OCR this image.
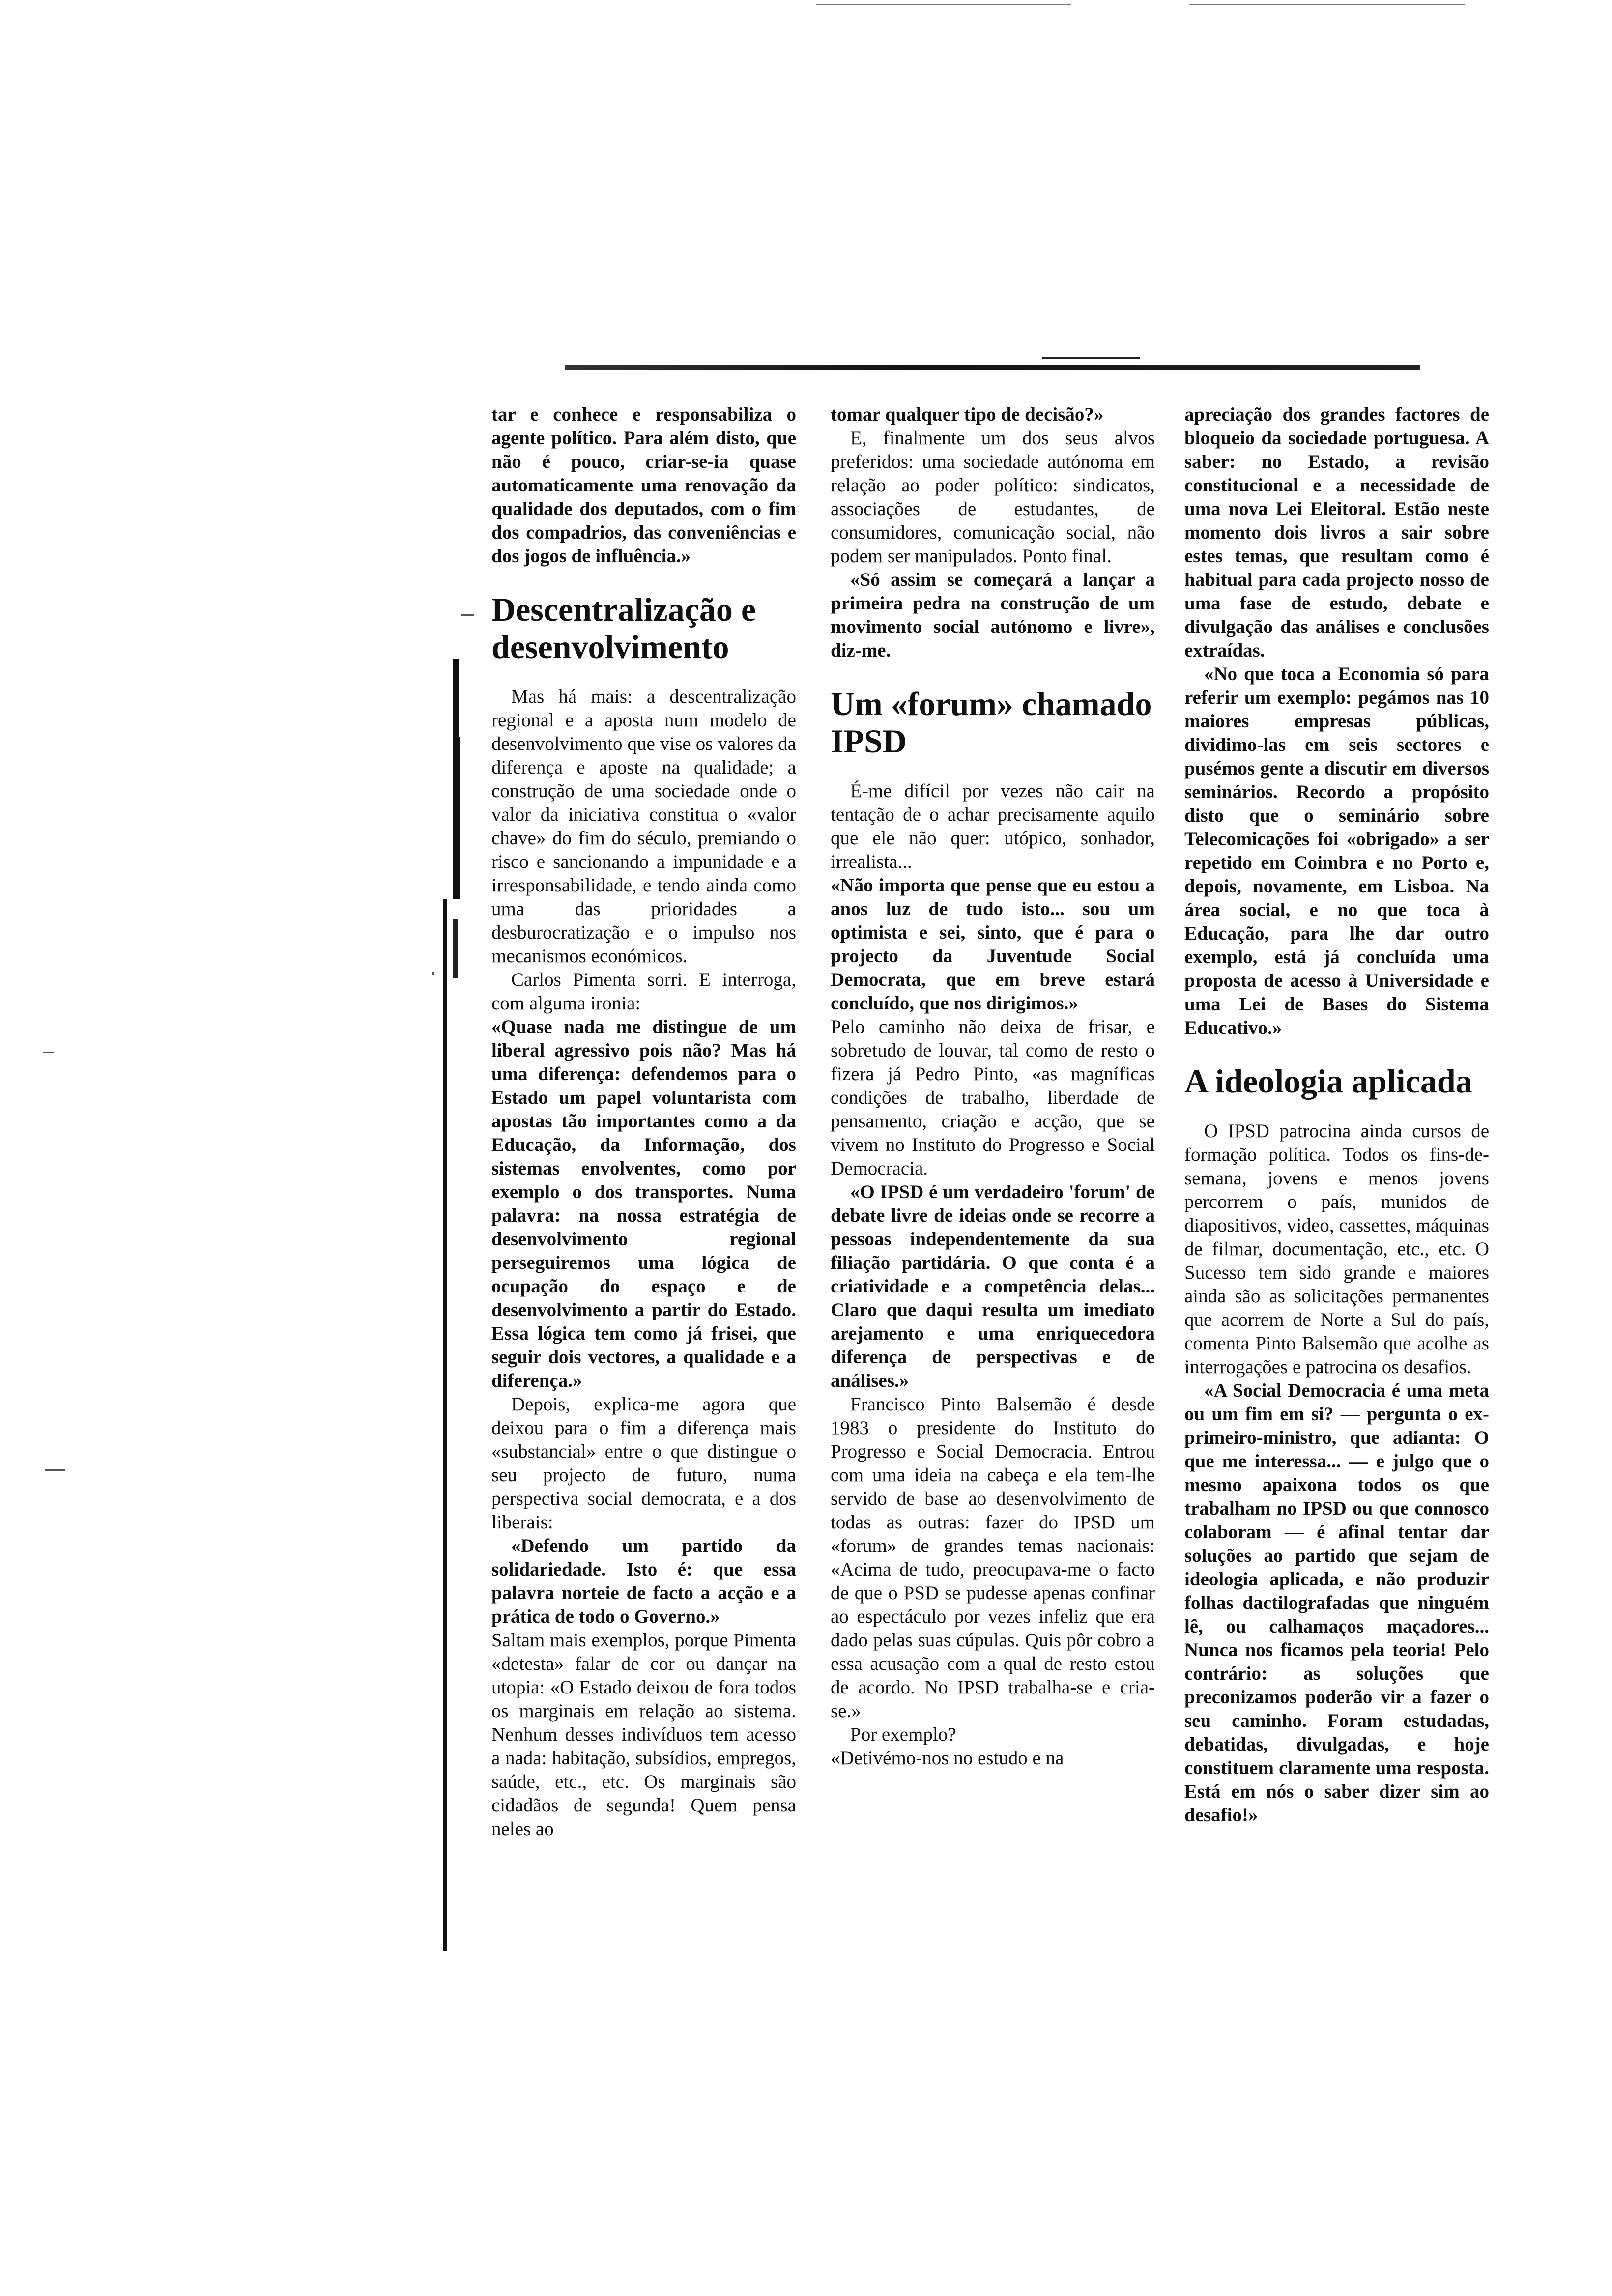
tar e conhece e responsabiliza o agente político. Para além disto, que não é pouco, criar-se-ia quase automaticamente uma renovação da qualidade dos deputados, com o fim dos compadrios, das conveniências e dos jogos de influência.»

Descentralização e desenvolvimento

Mas há mais: a descentralização regional e a aposta num modelo de desenvolvimento que vise os valores da diferença e aposte na qualidade; a construção de uma sociedade onde o valor da iniciativa constitua o «valor chave» do fim do século, premiando o risco e sancionando a impunidade e a irresponsabilidade, e tendo ainda como uma das prioridades a desburocratização e o impulso nos mecanismos económicos.

Carlos Pimenta sorri. E interroga, com alguma ironia:

«Quase nada me distingue de um liberal agressivo pois não? Mas há uma diferença: defendemos para o Estado um papel voluntarista com apostas tão importantes como a da Educação, da Informação, dos sistemas envolventes, como por exemplo o dos transportes. Numa palavra: na nossa estratégia de desenvolvimento regional perseguiremos uma lógica de ocupação do espaço e de desenvolvimento a partir do Estado. Essa lógica tem como já frisei, que seguir dois vectores, a qualidade e a diferença.»

Depois, explica-me agora que deixou para o fim a diferença mais «substancial» entre o que distingue o seu projecto de futuro, numa perspectiva social democrata, e a dos liberais:

«Defendo um partido da solidariedade. Isto é: que essa palavra norteie de facto a acção e a prática de todo o Governo.»

Saltam mais exemplos, porque Pimenta «detesta» falar de cor ou dançar na utopia: «O Estado deixou de fora todos os marginais em relação ao sistema. Nenhum desses indivíduos tem acesso a nada: habitação, subsídios, empregos, saúde, etc., etc. Os marginais são cidadãos de segunda! Quem pensa neles ao

tomar qualquer tipo de decisão?»

E, finalmente um dos seus alvos preferidos: uma sociedade autónoma em relação ao poder político: sindicatos, associações de estudantes, de consumidores, comunicação social, não podem ser manipulados. Ponto final.

«Só assim se começará a lançar a primeira pedra na construção de um movimento social autónomo e livre», diz-me.

Um «forum» chamado IPSD

É-me difícil por vezes não cair na tentação de o achar precisamente aquilo que ele não quer: utópico, sonhador, irrealista...

«Não importa que pense que eu estou a anos luz de tudo isto... sou um optimista e sei, sinto, que é para o projecto da Juventude Social Democrata, que em breve estará concluído, que nos dirigimos.»

Pelo caminho não deixa de frisar, e sobretudo de louvar, tal como de resto o fizera já Pedro Pinto, «as magníficas condições de trabalho, liberdade de pensamento, criação e acção, que se vivem no Instituto do Progresso e Social Democracia.

«O IPSD é um verdadeiro 'forum' de debate livre de ideias onde se recorre a pessoas independentemente da sua filiação partidária. O que conta é a criatividade e a competência delas... Claro que daqui resulta um imediato arejamento e uma enriquecedora diferença de perspectivas e de análises.»

Francisco Pinto Balsemão é desde 1983 o presidente do Instituto do Progresso e Social Democracia. Entrou com uma ideia na cabeça e ela tem-lhe servido de base ao desenvolvimento de todas as outras: fazer do IPSD um «forum» de grandes temas nacionais: «Acima de tudo, preocupava-me o facto de que o PSD se pudesse apenas confinar ao espectáculo por vezes infeliz que era dado pelas suas cúpulas. Quis pôr cobro a essa acusação com a qual de resto estou de acordo. No IPSD trabalha-se e cria-se.»

Por exemplo?

«Detivémo-nos no estudo e na

apreciação dos grandes factores de bloqueio da sociedade portuguesa. A saber: no Estado, a revisão constitucional e a necessidade de uma nova Lei Eleitoral. Estão neste momento dois livros a sair sobre estes temas, que resultam como é habitual para cada projecto nosso de uma fase de estudo, debate e divulgação das análises e conclusões extraídas.

«No que toca a Economia só para referir um exemplo: pegámos nas 10 maiores empresas públicas, dividimo-las em seis sectores e pusémos gente a discutir em diversos seminários. Recordo a propósito disto que o seminário sobre Telecomicações foi «obrigado» a ser repetido em Coimbra e no Porto e, depois, novamente, em Lisboa. Na área social, e no que toca à Educação, para lhe dar outro exemplo, está já concluída uma proposta de acesso à Universidade e uma Lei de Bases do Sistema Educativo.»

A ideologia aplicada

O IPSD patrocina ainda cursos de formação política. Todos os fins-de-semana, jovens e menos jovens percorrem o país, munidos de diapositivos, video, cassettes, máquinas de filmar, documentação, etc., etc. O Sucesso tem sido grande e maiores ainda são as solicitações permanentes que acorrem de Norte a Sul do país, comenta Pinto Balsemão que acolhe as interrogações e patrocina os desafios.

«A Social Democracia é uma meta ou um fim em si? — pergunta o ex-primeiro-ministro, que adianta: O que me interessa... — e julgo que o mesmo apaixona todos os que trabalham no IPSD ou que connosco colaboram — é afinal tentar dar soluções ao partido que sejam de ideologia aplicada, e não produzir folhas dactilografadas que ninguém lê, ou calhamaços maçadores... Nunca nos ficamos pela teoria! Pelo contrário: as soluções que preconizamos poderão vir a fazer o seu caminho. Foram estudadas, debatidas, divulgadas, e hoje constituem claramente uma resposta. Está em nós o saber dizer sim ao desafio!»
